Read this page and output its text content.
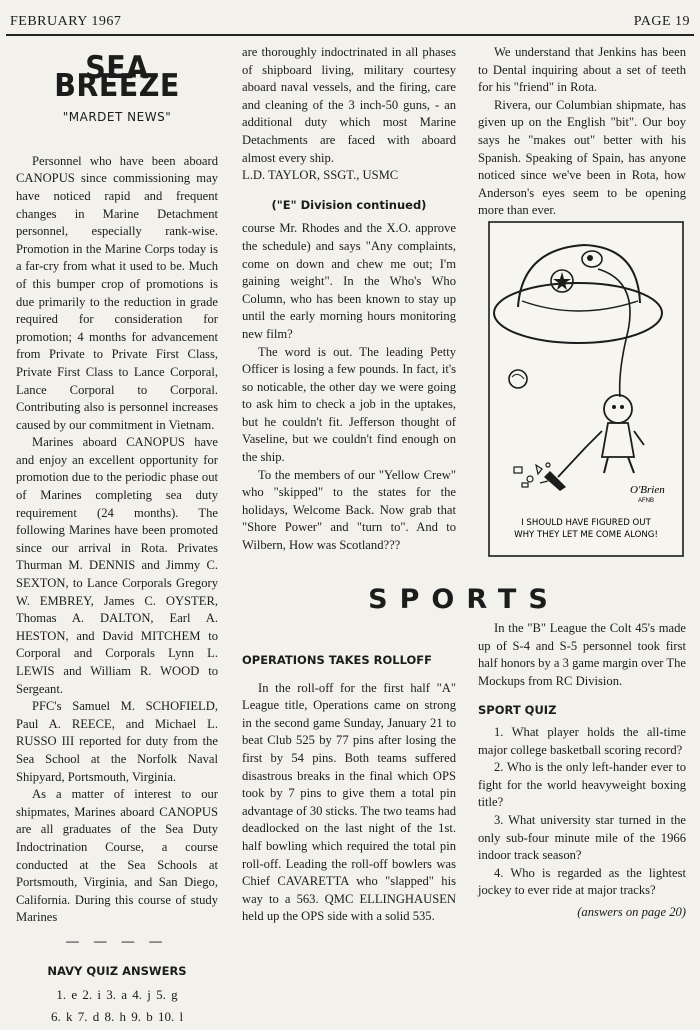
FEBRUARY 1967	PAGE 19
SEA BREEZE
"MARDET NEWS"

Personnel who have been aboard CANOPUS since commissioning may have noticed rapid and frequent changes in Marine Detachment personnel, especially rank-wise. Promotion in the Marine Corps today is a far-cry from what it used to be. Much of this bumper crop of promotions is due primarily to the reduction in grade required for consideration for promotion; 4 months for advancement from Private to Private First Class, Private First Class to Lance Corporal, Lance Corporal to Corporal. Contributing also is personnel increases caused by our commitment in Vietnam.

Marines aboard CANOPUS have and enjoy an excellent opportunity for promotion due to the periodic phase out of Marines completing sea duty requirement (24 months). The following Marines have been promoted since our arrival in Rota. Privates Thurman M. DENNIS and Jimmy C. SEXTON, to Lance Corporals Gregory W. EMBREY, James C. OYSTER, Thomas A. DALTON, Earl A. HESTON, and David MITCHEM to Corporal and Corporals Lynn L. LEWIS and William R. WOOD to Sergeant.

PFC's Samuel M. SCHOFIELD, Paul A. REECE, and Michael L. RUSSO III reported for duty from the Sea School at the Norfolk Naval Shipyard, Portsmouth, Virginia.

As a matter of interest to our shipmates, Marines aboard CANOPUS are all graduates of the Sea Duty Indoctrination Course, a course conducted at the Sea Schools at Portsmouth, Virginia, and San Diego, California. During this course of study Marines

— — — —
NAVY QUIZ ANSWERS
1. e 2. i 3. a 4. j 5. g
6. k 7. d 8. h 9. b 10. l

are thoroughly indoctrinated in all phases of shipboard living, military courtesy aboard naval vessels, and the firing, care and cleaning of the 3 inch-50 guns, - an additional duty which most Marine Detachments are faced with aboard almost every ship.

L.D. TAYLOR, SSGT., USMC

("E" Division continued)

course Mr. Rhodes and the X.O. approve the schedule) and says "Any complaints, come on down and chew me out; I'm gaining weight". In the Who's Who Column, who has been known to stay up until the early morning hours monitoring new film?

The word is out. The leading Petty Officer is losing a few pounds. In fact, it's so noticable, the other day we were going to ask him to check a job in the uptakes, but he couldn't fit. Jefferson thought of Vaseline, but we couldn't find enough on the ship.

To the members of our "Yellow Crew" who "skipped" to the states for the holidays, Welcome Back. Now grab that "Shore Power" and "turn to". And to Wilbern, How was Scotland???

We understand that Jenkins has been to Dental inquiring about a set of teeth for his "friend" in Rota.

Rivera, our Columbian shipmate, has given up on the English "bit". Our boy says he "makes out" better with his Spanish. Speaking of Spain, has anyone noticed since we've been in Rota, how Anderson's eyes seem to be opening more than ever.

O'Brien
AFNB
I SHOULD HAVE FIGURED OUT
WHY THEY LET ME COME ALONG!
SPORTS
OPERATIONS TAKES ROLLOFF

In the roll-off for the first half "A" League title, Operations came on strong in the second game Sunday, January 21 to beat Club 525 by 77 pins after losing the first by 54 pins. Both teams suffered disastrous breaks in the final which OPS took by 7 pins to give them a total pin advantage of 30 sticks. The two teams had deadlocked on the last night of the 1st. half bowling which required the total pin roll-off. Leading the roll-off bowlers was Chief CAVARETTA who "slapped" his way to a 563. QMC ELLINGHAUSEN held up the OPS side with a solid 535.

In the "B" League the Colt 45's made up of S-4 and S-5 personnel took first half honors by a 3 game margin over The Mockups from RC Division.

SPORT QUIZ

1. What player holds the all-time major college basketball scoring record?

2. Who is the only left-hander ever to fight for the world heavyweight boxing title?

3. What university star turned in the only sub-four minute mile of the 1966 indoor track season?

4. Who is regarded as the lightest jockey to ever ride at major tracks?

(answers on page 20)
